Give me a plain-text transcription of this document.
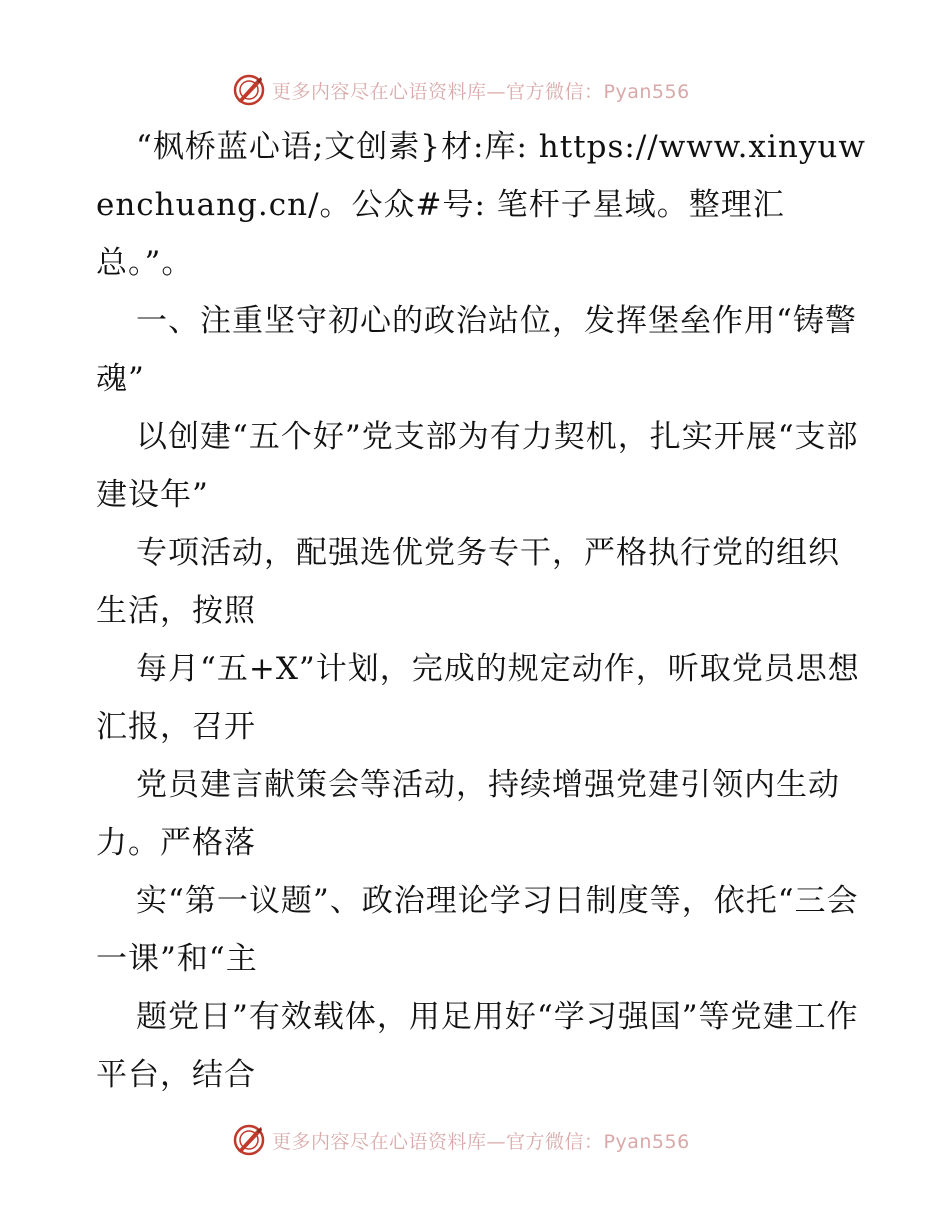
更多内容尽在心语资料库—官方微信：Pyan556

“枫桥蓝心语;文创素}材:库: https://www.xinyuwenchuang.cn/。公众#号: 笔杆子星域。整理汇总。”。

一、注重坚守初心的政治站位，发挥堡垒作用“铸警魂”

以创建“五个好”党支部为有力契机，扎实开展“支部建设年”

专项活动，配强选优党务专干，严格执行党的组织生活，按照

每月“五+X”计划，完成的规定动作，听取党员思想汇报，召开

党员建言献策会等活动，持续增强党建引领内生动力。严格落

实“第一议题”、政治理论学习日制度等，依托“三会一课”和“主

题党日”有效载体，用足用好“学习强国”等党建工作平台，结合

更多内容尽在心语资料库—官方微信：Pyan556
